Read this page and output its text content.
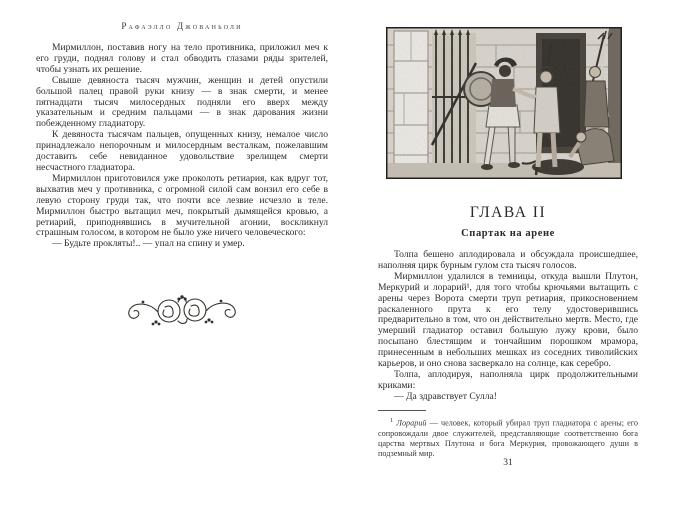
Рафаэлло Джованьоли

Мирмиллон, поставив ногу на тело противника, приложил меч к его груди, поднял голову и стал обводить глазами ряды зрителей, чтобы узнать их решение.

Свыше девяноста тысяч мужчин, женщин и детей опустили большой палец правой руки книзу — в знак смерти, и менее пятнадцати тысяч милосердных подняли его вверх между указательным и средним пальцами — в знак дарования жизни побежденному гладиатору.

К девяноста тысячам пальцев, опущенных книзу, немалое число принадлежало непорочным и милосердным весталкам, пожелавшим доставить себе невиданное удовольствие зрелищем смерти несчастного гладиатора.

Мирмиллон приготовился уже проколоть ретиария, как вдруг тот, выхватив меч у противника, с огромной силой сам вонзил его себе в левую сторону груди так, что почти все лезвие исчезло в теле. Мирмиллон быстро вытащил меч, покрытый дымящейся кровью, а ретиарий, приподнявшись в мучительной агонии, воскликнул страшным голосом, в котором не было уже ничего человеческого:

— Будьте прокляты!.. — упал на спину и умер.

ГЛАВА II
Спартак на арене

Толпа бешено аплодировала и обсуждала происшедшее, наполняя цирк бурным гулом ста тысяч голосов.

Мирмиллон удалился в темницы, откуда вышли Плутон, Меркурий и лорарий¹, для того чтобы крючьями вытащить с арены через Ворота смерти труп ретиария, прикосновением раскаленного прута к его телу удостоверившись предварительно в том, что он действительно мертв. Место, где умерший гладиатор оставил большую лужу крови, было посыпано блестящим и тончайшим порошком мрамора, принесенным в небольших мешках из соседних тиволийских карьеров, и оно снова засверкало на солнце, как серебро.

Толпа, аплодируя, наполняла цирк продолжительными криками:

— Да здравствует Сулла!

$^1$ Лорарий — человек, который убирал труп гладиатора с арены; его сопровождали двое служителей, представляющие соответственно бога царства мертвых Плутона и бога Меркурия, провожающего души в подземный мир.

31
